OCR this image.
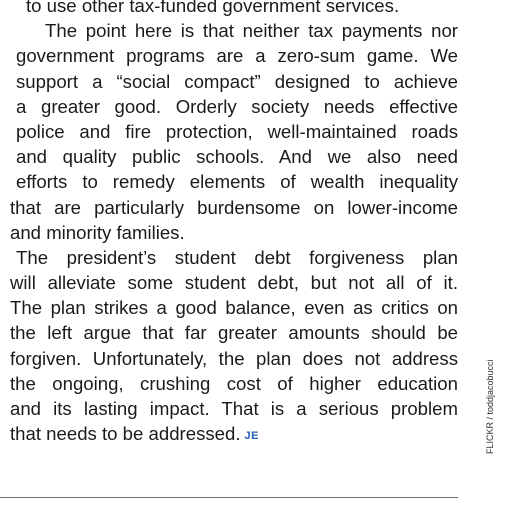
to use other tax-funded government services.
The point here is that neither tax payments nor
government programs are a zero-sum game. We
support a “social compact” designed to achieve
a greater good. Orderly society needs effective
police and fire protection, well-maintained roads
and quality public schools. And we also need
efforts to remedy elements of wealth inequality
that are particularly burdensome on lower-income
and minority families.
The president’s student debt forgiveness plan
will alleviate some student debt, but not all of it.
The plan strikes a good balance, even as critics on
the left argue that far greater amounts should be
forgiven. Unfortunately, the plan does not address
the ongoing, crushing cost of higher education
and its lasting impact. That is a serious problem
that needs to be addressed. JE	FLICKR / toddjacobucci
